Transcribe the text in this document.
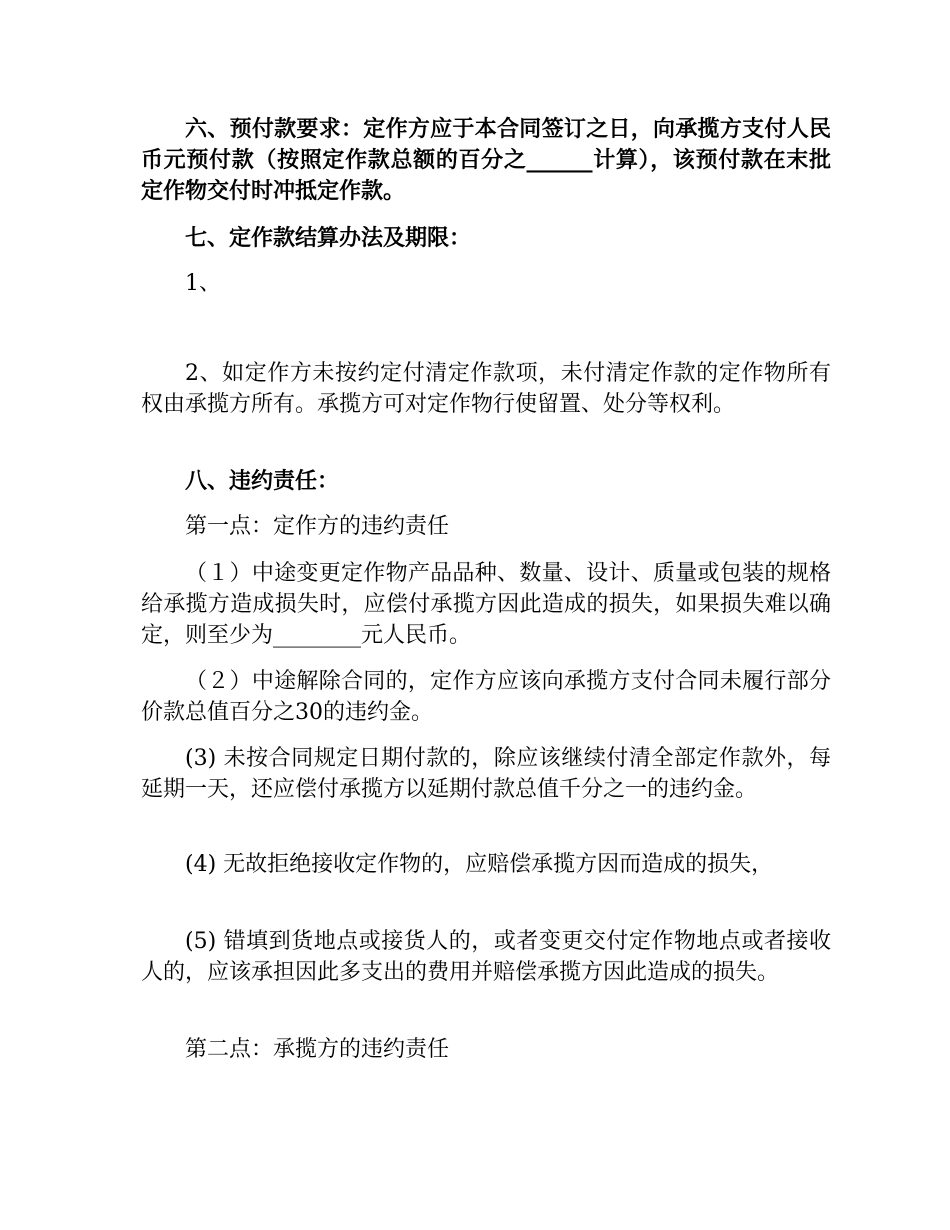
六、预付款要求：定作方应于本合同签订之日，向承揽方支付人民币元预付款（按照定作款总额的百分之______计算），该预付款在末批定作物交付时冲抵定作款。

七、定作款结算办法及期限：

1、

2、如定作方未按约定付清定作款项，未付清定作款的定作物所有权由承揽方所有。承揽方可对定作物行使留置、处分等权利。

八、违约责任：

第一点：定作方的违约责任

（１）中途变更定作物产品品种、数量、设计、质量或包装的规格给承揽方造成损失时，应偿付承揽方因此造成的损失，如果损失难以确定，则至少为________元人民币。

（２）中途解除合同的，定作方应该向承揽方支付合同未履行部分价款总值百分之30的违约金。

(3) 未按合同规定日期付款的，除应该继续付清全部定作款外，每延期一天，还应偿付承揽方以延期付款总值千分之一的违约金。

(4) 无故拒绝接收定作物的，应赔偿承揽方因而造成的损失，

(5) 错填到货地点或接货人的，或者变更交付定作物地点或者接收人的，应该承担因此多支出的费用并赔偿承揽方因此造成的损失。

第二点：承揽方的违约责任
